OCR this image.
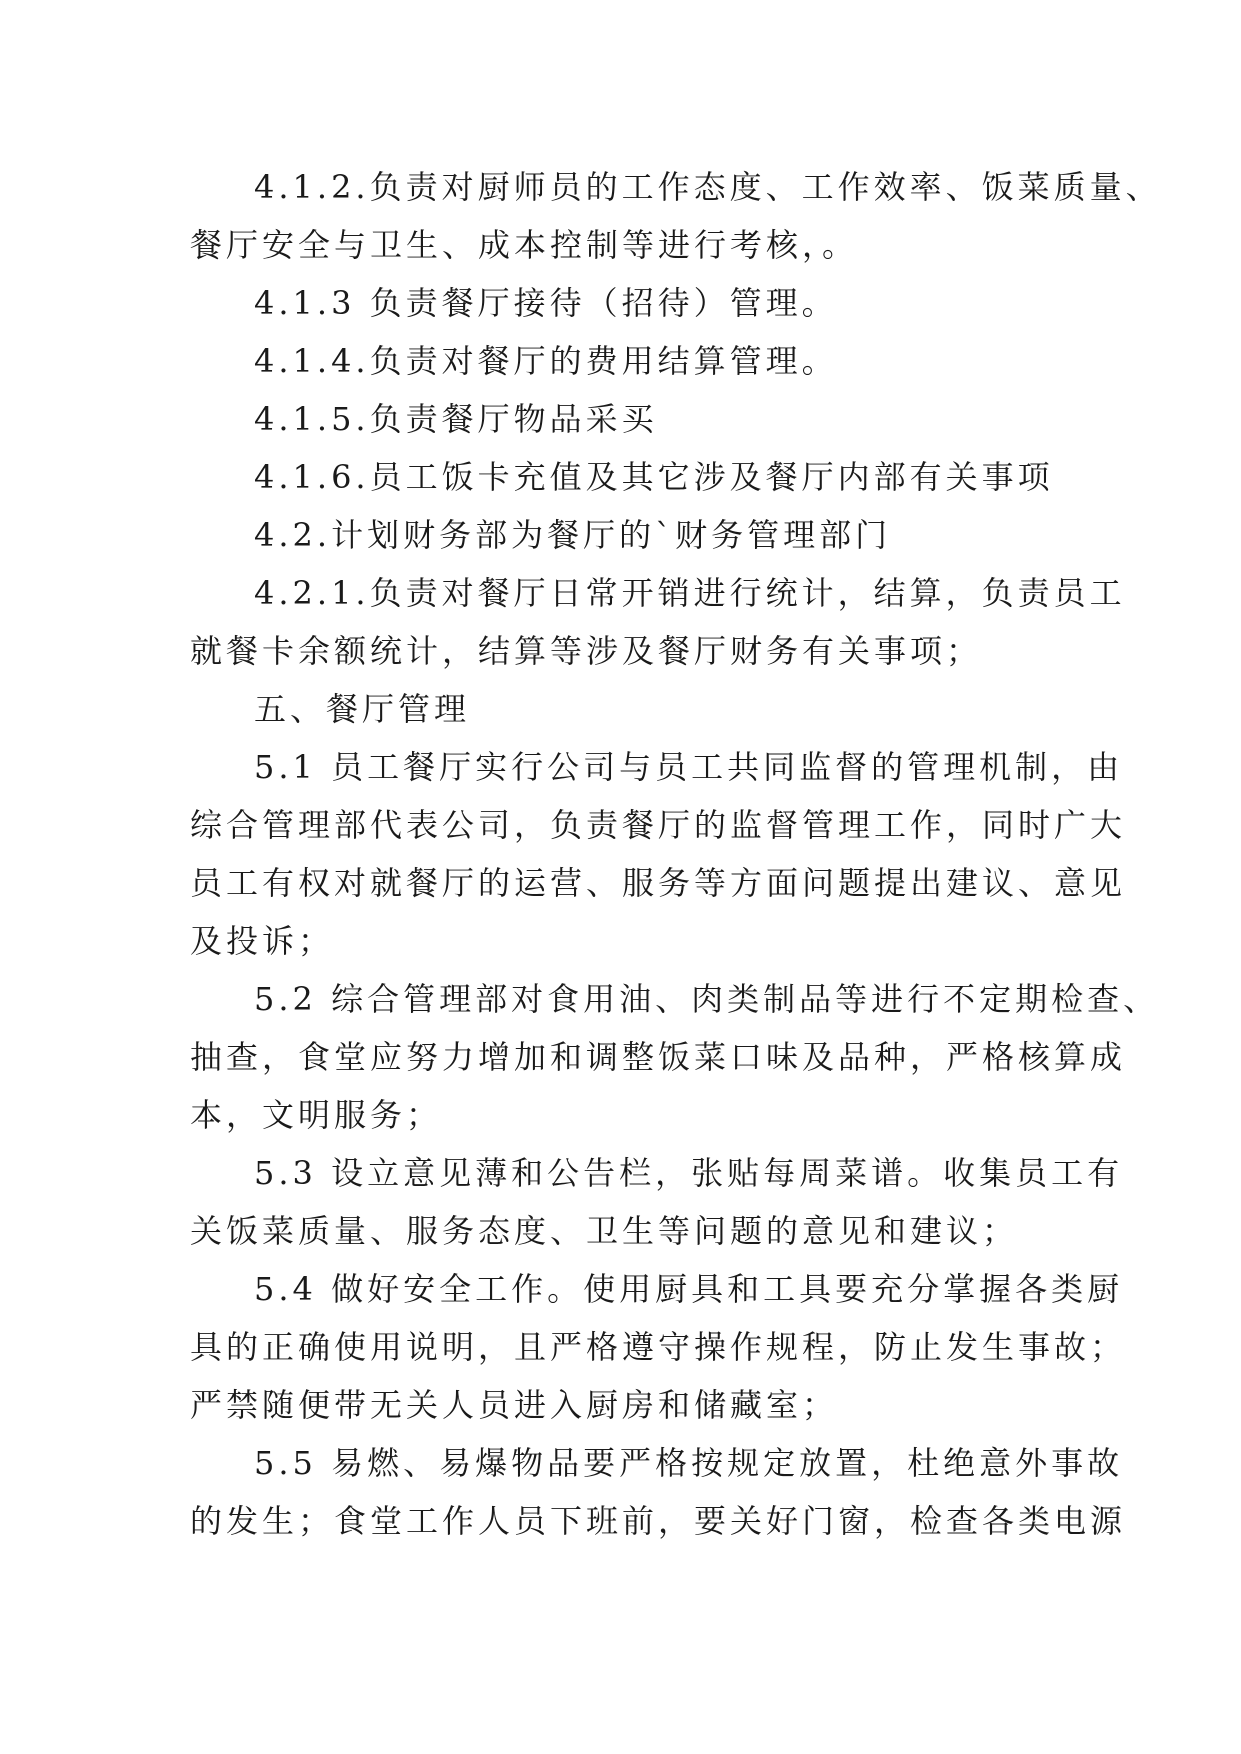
4.1.2.负责对厨师员的工作态度、工作效率、饭菜质量、

餐厅安全与卫生、成本控制等进行考核，。

4.1.3 负责餐厅接待（招待）管理。

4.1.4.负责对餐厅的费用结算管理。

4.1.5.负责餐厅物品采买

4.1.6.员工饭卡充值及其它涉及餐厅内部有关事项

4.2.计划财务部为餐厅的`财务管理部门

4.2.1.负责对餐厅日常开销进行统计，结算，负责员工

就餐卡余额统计，结算等涉及餐厅财务有关事项；

五、餐厅管理

5.1 员工餐厅实行公司与员工共同监督的管理机制，由

综合管理部代表公司，负责餐厅的监督管理工作，同时广大

员工有权对就餐厅的运营、服务等方面问题提出建议、意见

及投诉；

5.2 综合管理部对食用油、肉类制品等进行不定期检查、

抽查，食堂应努力增加和调整饭菜口味及品种，严格核算成

本，文明服务；

5.3 设立意见薄和公告栏，张贴每周菜谱。收集员工有

关饭菜质量、服务态度、卫生等问题的意见和建议；

5.4 做好安全工作。使用厨具和工具要充分掌握各类厨

具的正确使用说明，且严格遵守操作规程，防止发生事故；

严禁随便带无关人员进入厨房和储藏室；

5.5 易燃、易爆物品要严格按规定放置，杜绝意外事故

的发生；食堂工作人员下班前，要关好门窗，检查各类电源
